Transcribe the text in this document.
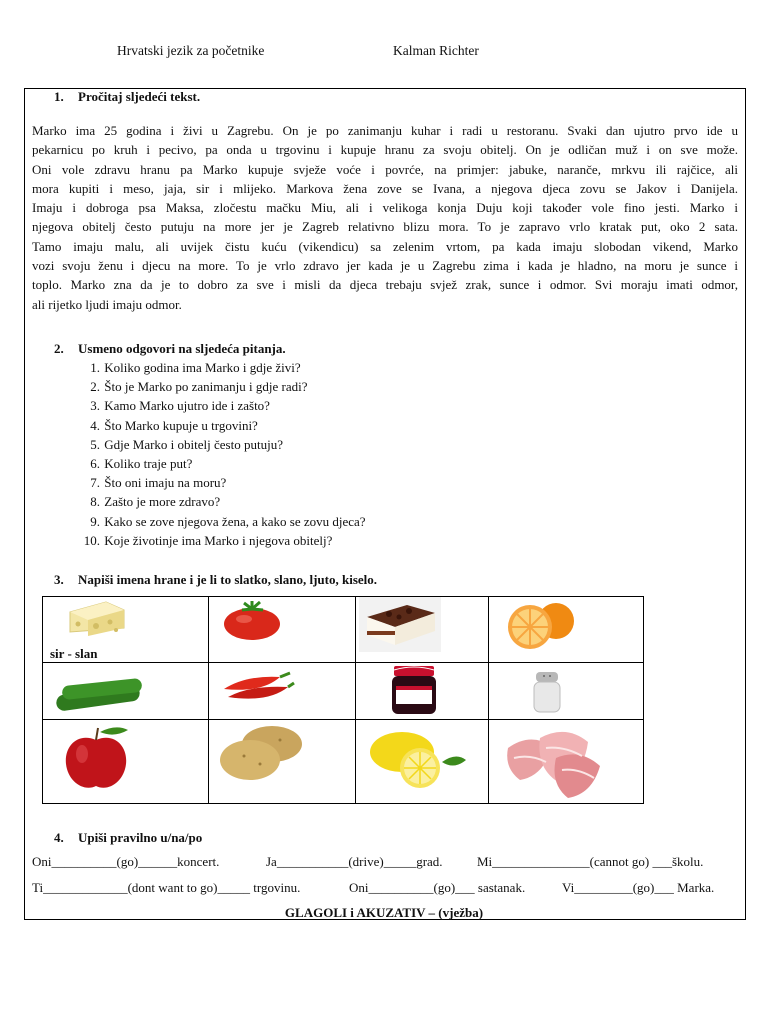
Hrvatski jezik za početnike	Kalman Richter
1. Pročitaj sljedeći tekst.
Marko ima 25 godina i živi u Zagrebu. On je po zanimanju kuhar i radi u restoranu. Svaki dan ujutro prvo ide u
pekarnicu po kruh i pecivo, pa onda u trgovinu i kupuje hranu za svoju obitelj. On je odličan muž i on sve može.
Oni vole zdravu hranu pa Marko kupuje svježe voće i povrće, na primjer: jabuke, naranče, mrkvu ili rajčice, ali
mora kupiti i meso, jaja, sir i mlijeko. Markova žena zove se Ivana, a njegova djeca zovu se Jakov i Danijela.
Imaju i dobroga psa Maksa, zločestu mačku Miu, ali i velikoga konja Duju koji također vole fino jesti. Marko i
njegova obitelj često putuju na more jer je Zagreb relativno blizu mora. To je zapravo vrlo kratak put, oko 2 sata.
Tamo imaju malu, ali uvijek čistu kuću (vikendicu) sa zelenim vrtom, pa kada imaju slobodan vikend, Marko
vozi svoju ženu i djecu na more. To je vrlo zdravo jer kada je u Zagrebu zima i kada je hladno, na moru je sunce i
toplo. Marko zna da je to dobro za sve i misli da djeca trebaju svjež zrak, sunce i odmor. Svi moraju imati odmor,
ali rijetko ljudi imaju odmor.
2. Usmeno odgovori na sljedeća pitanja.
1. Koliko godina ima Marko i gdje živi?
2. Što je Marko po zanimanju i gdje radi?
3. Kamo Marko ujutro ide i zašto?
4. Što Marko kupuje u trgovini?
5. Gdje Marko i obitelj često putuju?
6. Koliko traje put?
7. Što oni imaju na moru?
8. Zašto je more zdravo?
9. Kako se zove njegova žena, a kako se zovu djeca?
10. Koje životinje ima Marko i njegova obitelj?
3. Napiši imena hrane i je li to slatko, slano, ljuto, kiselo.
sir - slan
4. Upiši pravilno u/na/po
Oni__________(go)______koncert.	Ja___________(drive)_____grad.	Mi_______________(cannot go) ___školu.
Ti_____________(dont want to go)_____ trgovinu.	Oni__________(go)___ sastanak.	Vi_________(go)___ Marka.
GLAGOLI i AKUZATIV – (vježba)
